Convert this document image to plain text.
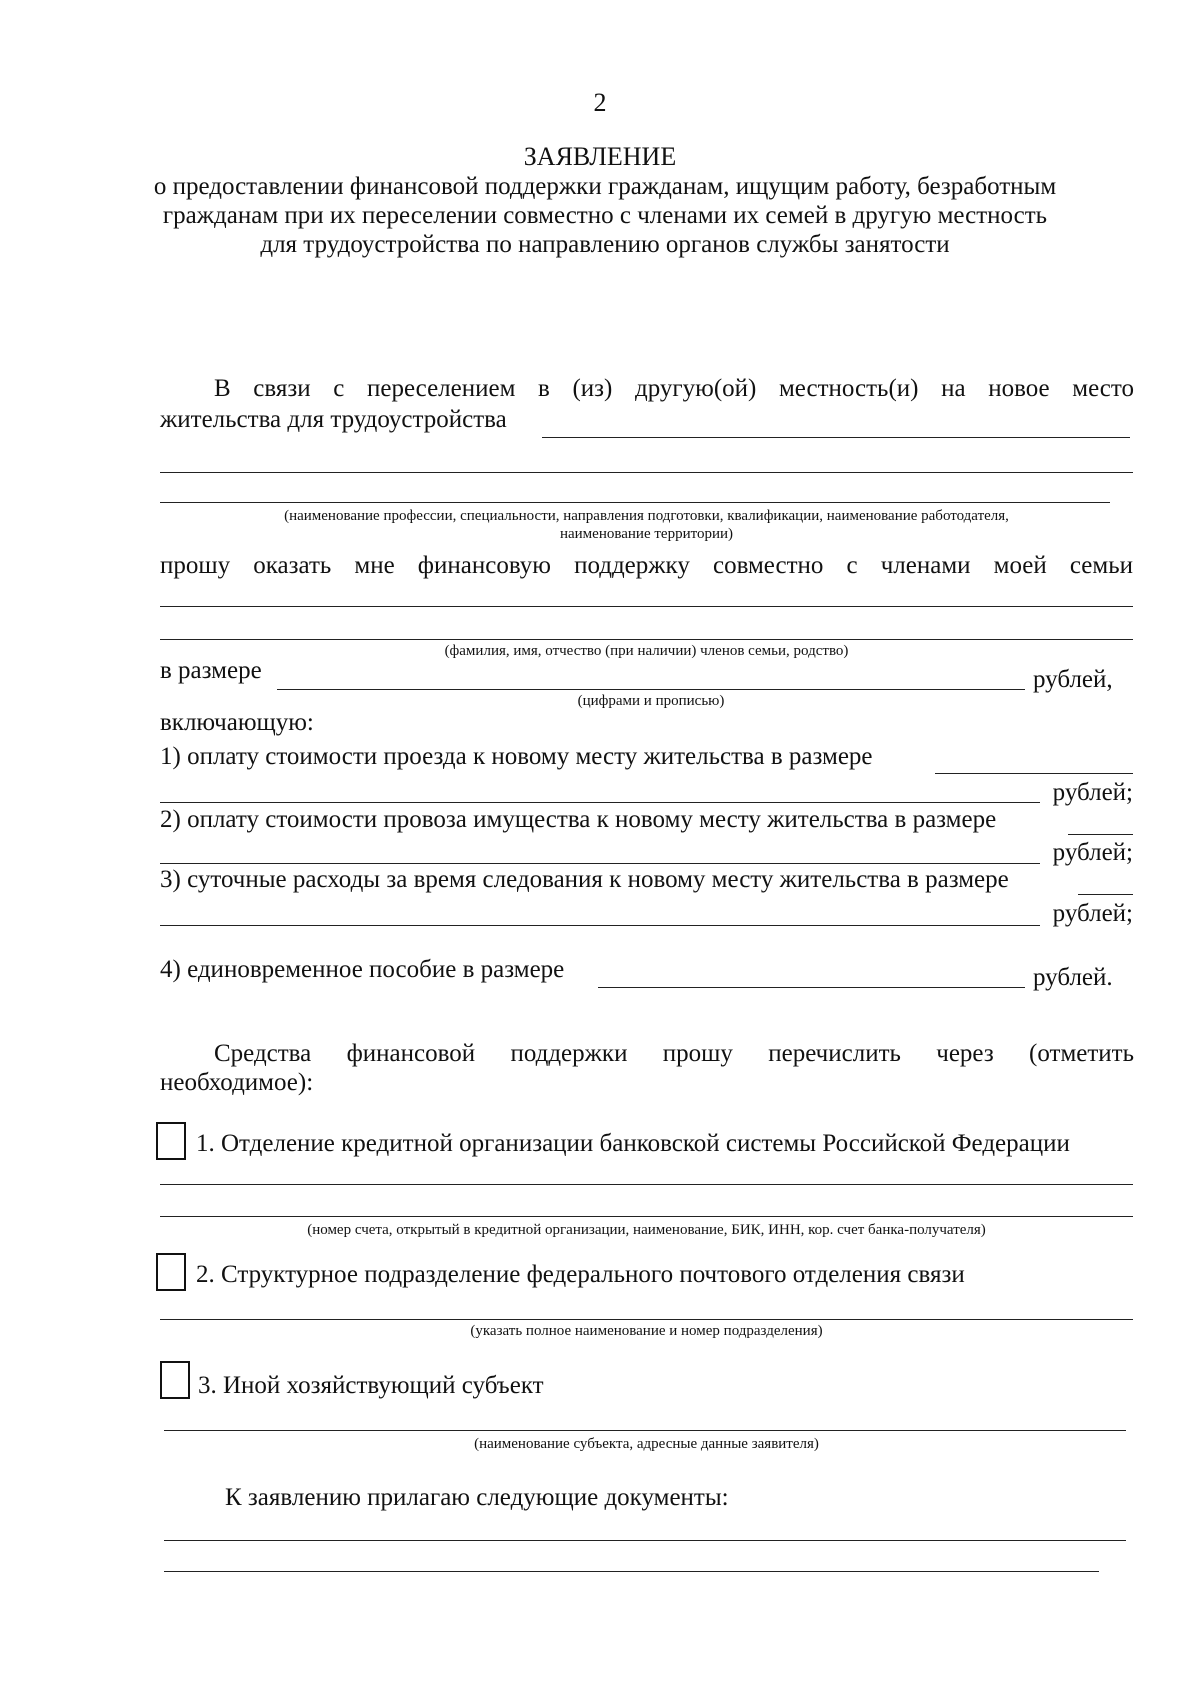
2
ЗАЯВЛЕНИЕ
о предоставлении финансовой поддержки гражданам, ищущим работу, безработным
гражданам при их переселении совместно с членами их семей в другую местность
для трудоустройства по направлению органов службы занятости
В связи с переселением в (из) другую(ой) местность(и) на новое место
жительства для трудоустройства
(наименование профессии, специальности, направления подготовки, квалификации, наименование работодателя,
наименование территории)
прошу оказать мне финансовую поддержку совместно с членами моей семьи
(фамилия, имя, отчество (при наличии) членов семьи, родство)
в размере	рублей,
(цифрами и прописью)
включающую:
1) оплату стоимости проезда к новому месту жительства в размере
рублей;
2) оплату стоимости провоза имущества к новому месту жительства в размере
рублей;
3) суточные расходы за время следования к новому месту жительства в размере
рублей;
4) единовременное пособие в размере	рублей.
Средства финансовой поддержки прошу перечислить через (отметить
необходимое):
1. Отделение кредитной организации банковской системы Российской Федерации
(номер счета, открытый в кредитной организации, наименование, БИК, ИНН, кор. счет банка-получателя)
2. Структурное подразделение федерального почтового отделения связи
(указать полное наименование и номер подразделения)
3. Иной хозяйствующий субъект
(наименование субъекта, адресные данные заявителя)
К заявлению прилагаю следующие документы:
